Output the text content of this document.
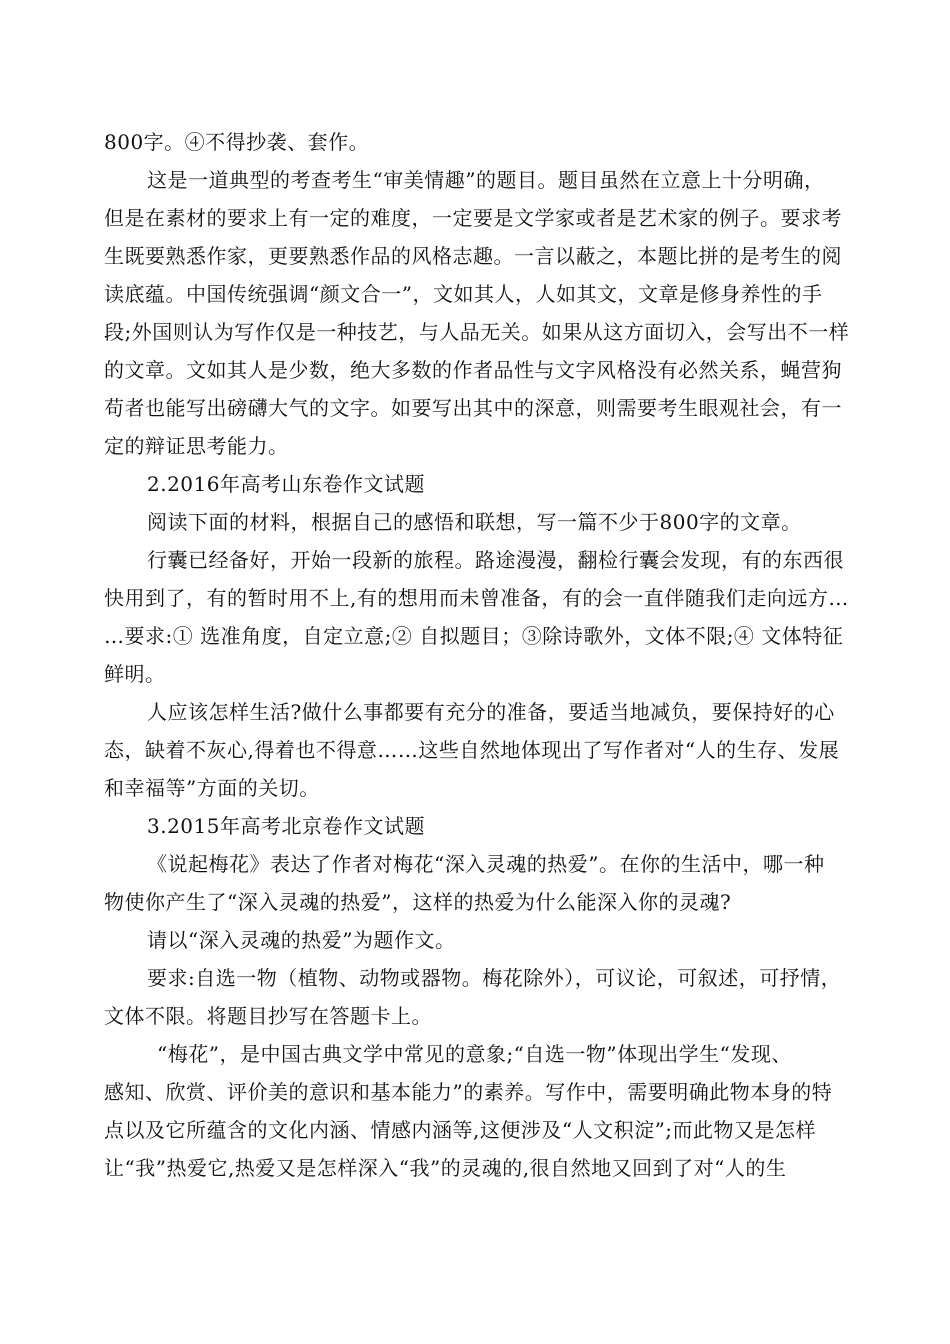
800字。④不得抄袭、套作。
这是一道典型的考查考生“审美情趣”的题目。题目虽然在立意上十分明确，
但是在素材的要求上有一定的难度，一定要是文学家或者是艺术家的例子。要求考
生既要熟悉作家，更要熟悉作品的风格志趣。一言以蔽之，本题比拼的是考生的阅
读底蕴。中国传统强调“颜文合一”，文如其人，人如其文，文章是修身养性的手
段;外国则认为写作仅是一种技艺，与人品无关。如果从这方面切入，会写出不一样
的文章。文如其人是少数，绝大多数的作者品性与文字风格没有必然关系，蝇营狗
苟者也能写出磅礴大气的文字。如要写出其中的深意，则需要考生眼观社会，有一
定的辩证思考能力。
2.2016年高考山东卷作文试题
阅读下面的材料，根据自己的感悟和联想，写一篇不少于800字的文章。
行囊已经备好，开始一段新的旅程。路途漫漫，翻检行囊会发现，有的东西很
快用到了，有的暂时用不上,有的想用而未曾准备，有的会一直伴随我们走向远方…
…要求:① 选准角度，自定立意;② 自拟题目；③除诗歌外，文体不限;④ 文体特征
鲜明。
人应该怎样生活?做什么事都要有充分的准备，要适当地减负，要保持好的心
态，缺着不灰心,得着也不得意……这些自然地体现出了写作者对“人的生存、发展
和幸福等”方面的关切。
3.2015年高考北京卷作文试题
《说起梅花》表达了作者对梅花“深入灵魂的热爱”。在你的生活中，哪一种
物使你产生了“深入灵魂的热爱”，这样的热爱为什么能深入你的灵魂?
请以“深入灵魂的热爱”为题作文。
要求:自选一物（植物、动物或器物。梅花除外），可议论，可叙述，可抒情，
文体不限。将题目抄写在答题卡上。
“梅花”，是中国古典文学中常见的意象;“自选一物”体现出学生“发现、
感知、欣赏、评价美的意识和基本能力”的素养。写作中，需要明确此物本身的特
点以及它所蕴含的文化内涵、情感内涵等,这便涉及“人文积淀”;而此物又是怎样
让“我”热爱它,热爱又是怎样深入“我”的灵魂的,很自然地又回到了对“人的生
